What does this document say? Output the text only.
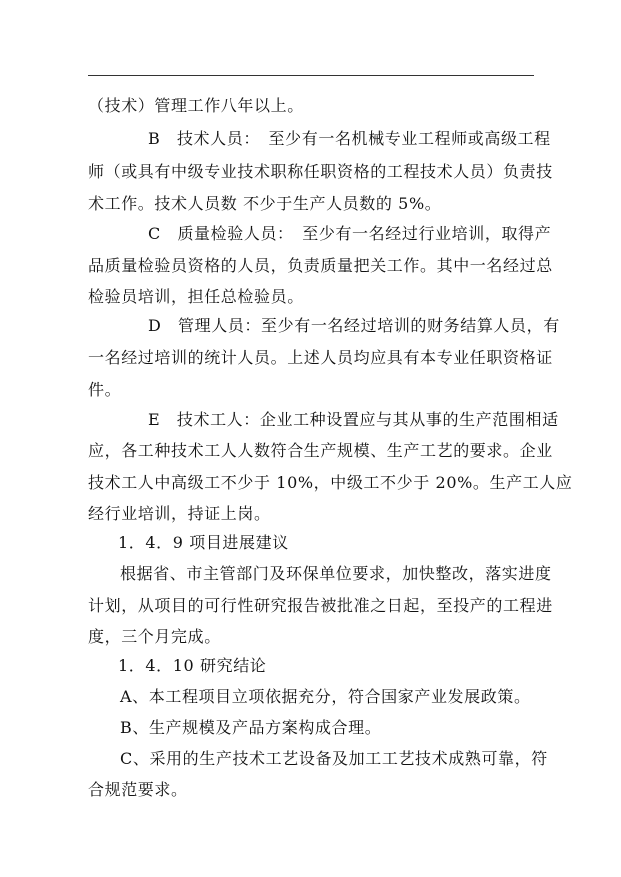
（技术）管理工作八年以上。
B　技术人员：　至少有一名机械专业工程师或高级工程
师（或具有中级专业技术职称任职资格的工程技术人员）负责技
术工作。技术人员数 不少于生产人员数的 5%。
C　质量检验人员：　至少有一名经过行业培训，取得产
品质量检验员资格的人员，负责质量把关工作。其中一名经过总
检验员培训，担任总检验员。
D　管理人员：至少有一名经过培训的财务结算人员，有
一名经过培训的统计人员。上述人员均应具有本专业任职资格证
件。
E　技术工人：企业工种设置应与其从事的生产范围相适
应，各工种技术工人人数符合生产规模、生产工艺的要求。企业
技术工人中高级工不少于 10%，中级工不少于 20%。生产工人应
经行业培训，持证上岗。
1．4．9 项目进展建议
根据省、市主管部门及环保单位要求，加快整改，落实进度
计划，从项目的可行性研究报告被批准之日起，至投产的工程进
度，三个月完成。
1．4．10 研究结论
A、本工程项目立项依据充分，符合国家产业发展政策。
B、生产规模及产品方案构成合理。
C、采用的生产技术工艺设备及加工工艺技术成熟可靠，符
合规范要求。
